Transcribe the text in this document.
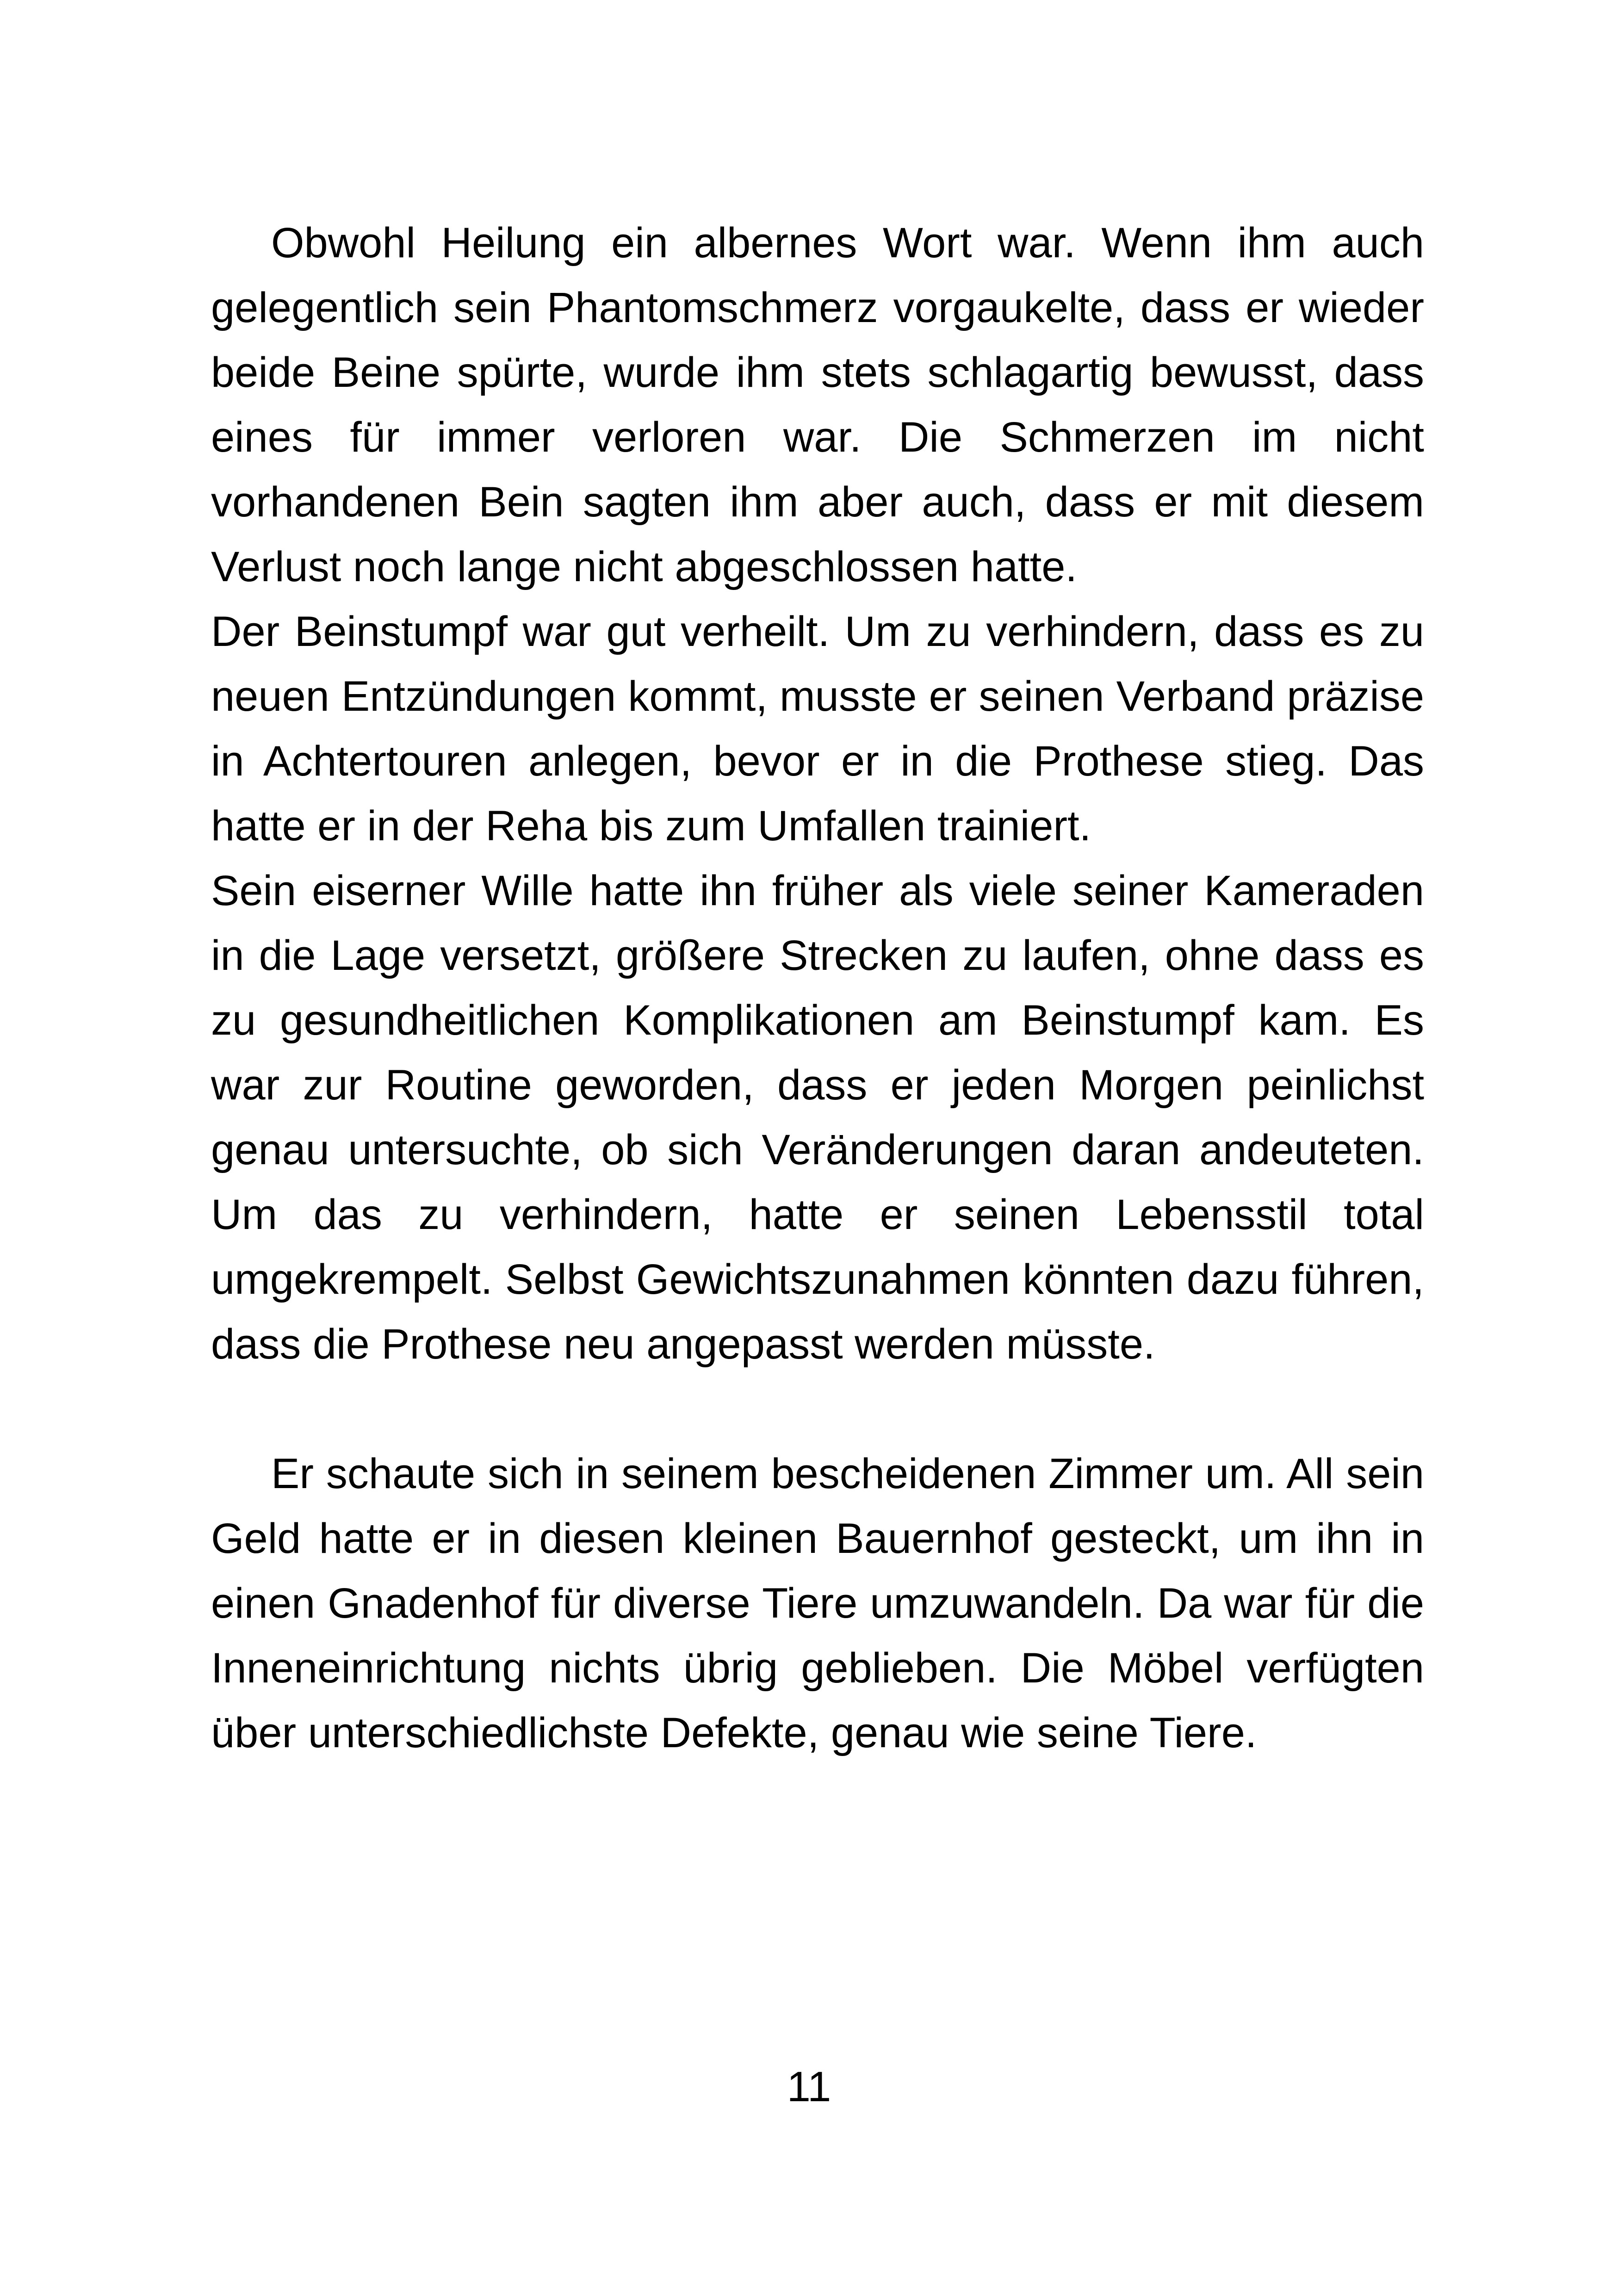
Obwohl Heilung ein albernes Wort war. Wenn ihm auch gelegentlich sein Phantomschmerz vorgaukelte, dass er wieder beide Beine spürte, wurde ihm stets schlagartig bewusst, dass eines für immer verloren war. Die Schmerzen im nicht vorhandenen Bein sagten ihm aber auch, dass er mit diesem Verlust noch lange nicht abgeschlossen hatte.

Der Beinstumpf war gut verheilt. Um zu verhindern, dass es zu neuen Entzündungen kommt, musste er seinen Verband präzise in Achtertouren anlegen, bevor er in die Prothese stieg. Das hatte er in der Reha bis zum Umfallen trainiert.

Sein eiserner Wille hatte ihn früher als viele seiner Kameraden in die Lage versetzt, größere Strecken zu laufen, ohne dass es zu gesundheitlichen Komplikationen am Beinstumpf kam. Es war zur Routine geworden, dass er jeden Morgen peinlichst genau untersuchte, ob sich Veränderungen daran andeuteten. Um das zu verhindern, hatte er seinen Lebensstil total umgekrempelt. Selbst Gewichtszunahmen könnten dazu führen, dass die Prothese neu angepasst werden müsste.

Er schaute sich in seinem bescheidenen Zimmer um. All sein Geld hatte er in diesen kleinen Bauernhof gesteckt, um ihn in einen Gnadenhof für diverse Tiere umzuwandeln. Da war für die Inneneinrichtung nichts übrig geblieben. Die Möbel verfügten über unterschiedlichste Defekte, genau wie seine Tiere.

11
